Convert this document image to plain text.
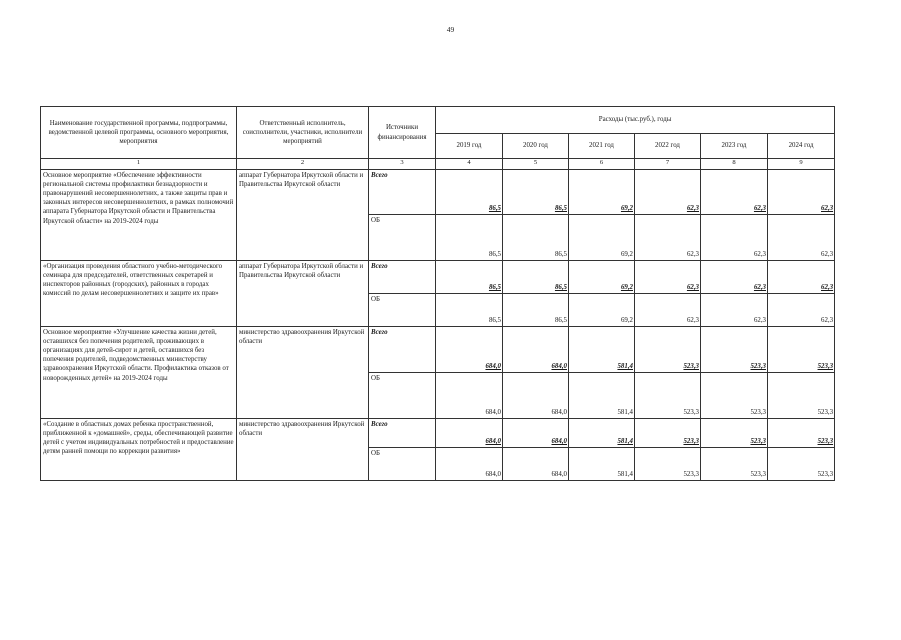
49
Наименование государственной программы, подпрограммы, ведомственной целевой программы, основного мероприятия, мероприятия	Ответственный исполнитель, соисполнители, участники, исполнители мероприятий	Источники финансирования	Расходы (тыс.руб.), годы					
			2019 год	2020 год	2021 год	2022 год	2023 год	2024 год
1	2	3	4	5	6	7	8	9
Основное мероприятие «Обеспечение эффективности региональной системы профилактики безнадзорности и правонарушений несовершеннолетних, а также защиты прав и законных интересов несовершеннолетних, в рамках полномочий аппарата Губернатора Иркутской области и Правительства Иркутской области» на 2019-2024 годы	аппарат Губернатора Иркутской области и Правительства Иркутской области	Всего	86,5	86,5	69,2	62,3	62,3	62,3
		ОБ	86,5	86,5	69,2	62,3	62,3	62,3
«Организация проведения областного учебно-методического семинара для председателей, ответственных секретарей и инспекторов районных (городских), районных в городах комиссий по делам несовершеннолетних и защите их прав»	аппарат Губернатора Иркутской области и Правительства Иркутской области	Всего	86,5	86,5	69,2	62,3	62,3	62,3
		ОБ	86,5	86,5	69,2	62,3	62,3	62,3
Основное мероприятие «Улучшение качества жизни детей, оставшихся без попечения родителей, проживающих в организациях для детей-сирот и детей, оставшихся без попечения родителей, подведомственных министерству здравоохранения Иркутской области. Профилактика отказов от новорожденных детей» на 2019-2024 годы	министерство здравоохранения Иркутской области	Всего	684,0	684,0	581,4	523,3	523,3	523,3
		ОБ	684,0	684,0	581,4	523,3	523,3	523,3
«Создание в областных домах ребенка пространственной, приближенной к «домашней», среды, обеспечивающей развитие детей с учетом индивидуальных потребностей и предоставление детям ранней помощи по коррекции развития»	министерство здравоохранения Иркутской области	Всего	684,0	684,0	581,4	523,3	523,3	523,3
		ОБ	684,0	684,0	581,4	523,3	523,3	523,3
